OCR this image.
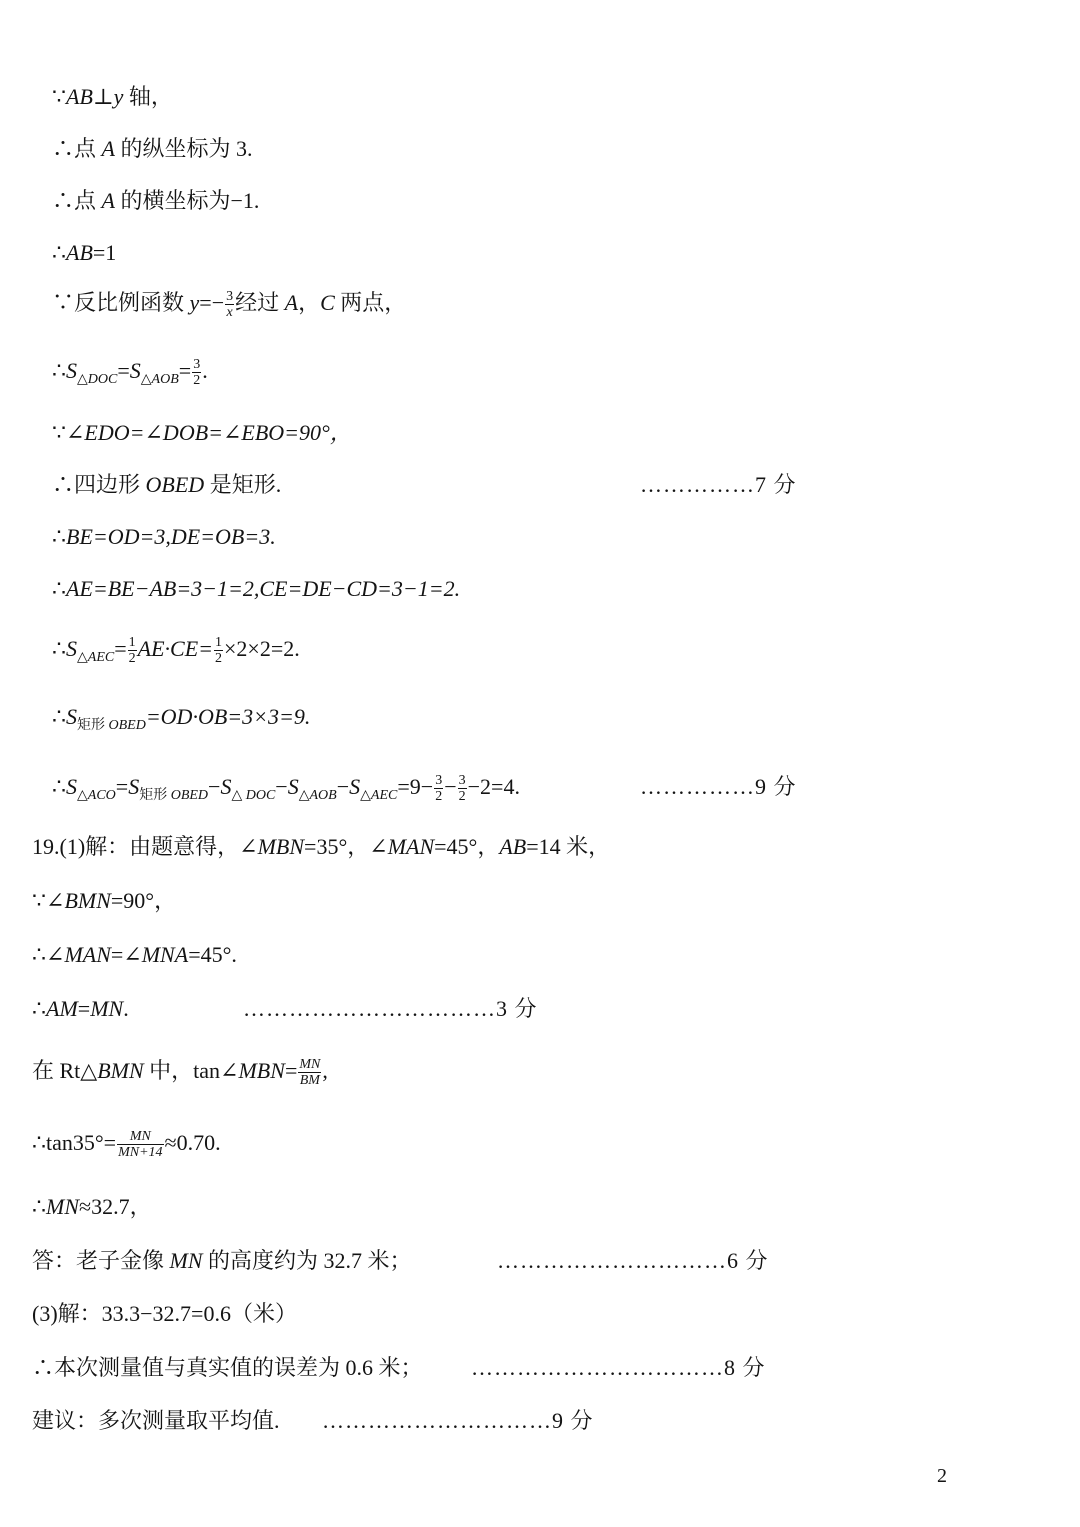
∵AB⊥y 轴，
∴点 A 的纵坐标为 3.
∴点 A 的横坐标为−1.
∴AB=1
∵反比例函数 $y=- \frac{3}{x}$ 经过 A，C 两点，
$\therefore S_{\triangle DOC}=S_{\triangle AOB}= \frac{3}{2}$ .
∵∠EDO=∠DOB=∠EBO=90°，
∴四边形 OBED 是矩形.	……………7 分
∴BE=OD=3,DE=OB=3.
∴AE=BE−AB=3−1=2,CE=DE−CD=3−1=2.
$\therefore S_{\triangle AEC}= \frac{1}{2} AE\cdot CE= \frac{1}{2} \times 2\times 2=2$.
$\therefore S_{矩形 OBED}=OD\cdot OB=3\times 3=9$.
$\therefore S_{\triangle ACO}=S_{矩形 OBED}-S_{\triangle DOC}-S_{\triangle AOB}-S_{\triangle AEC}=9- \frac{3}{2} - \frac{3}{2} -2=4$.	……………9 分
19.(1)解：由题意得，∠MBN=35°，∠MAN=45°，AB=14 米，
∵∠BMN=90°，
∴∠MAN=∠MNA=45°.
∴AM=MN.	……………………………3 分
在 Rt△BMN 中，tan∠MBN= $\frac{MN}{BM}$ ,
∴tan35°= $\frac{MN}{MN+14} \approx 0.70$.
∴MN≈32.7，
答：老子金像 MN 的高度约为 32.7 米；	…………………………6 分
(3)解：33.3−32.7=0.6（米）
∴本次测量值与真实值的误差为 0.6 米； ……………………………8 分
建议：多次测量取平均值. …………………………9 分
2
